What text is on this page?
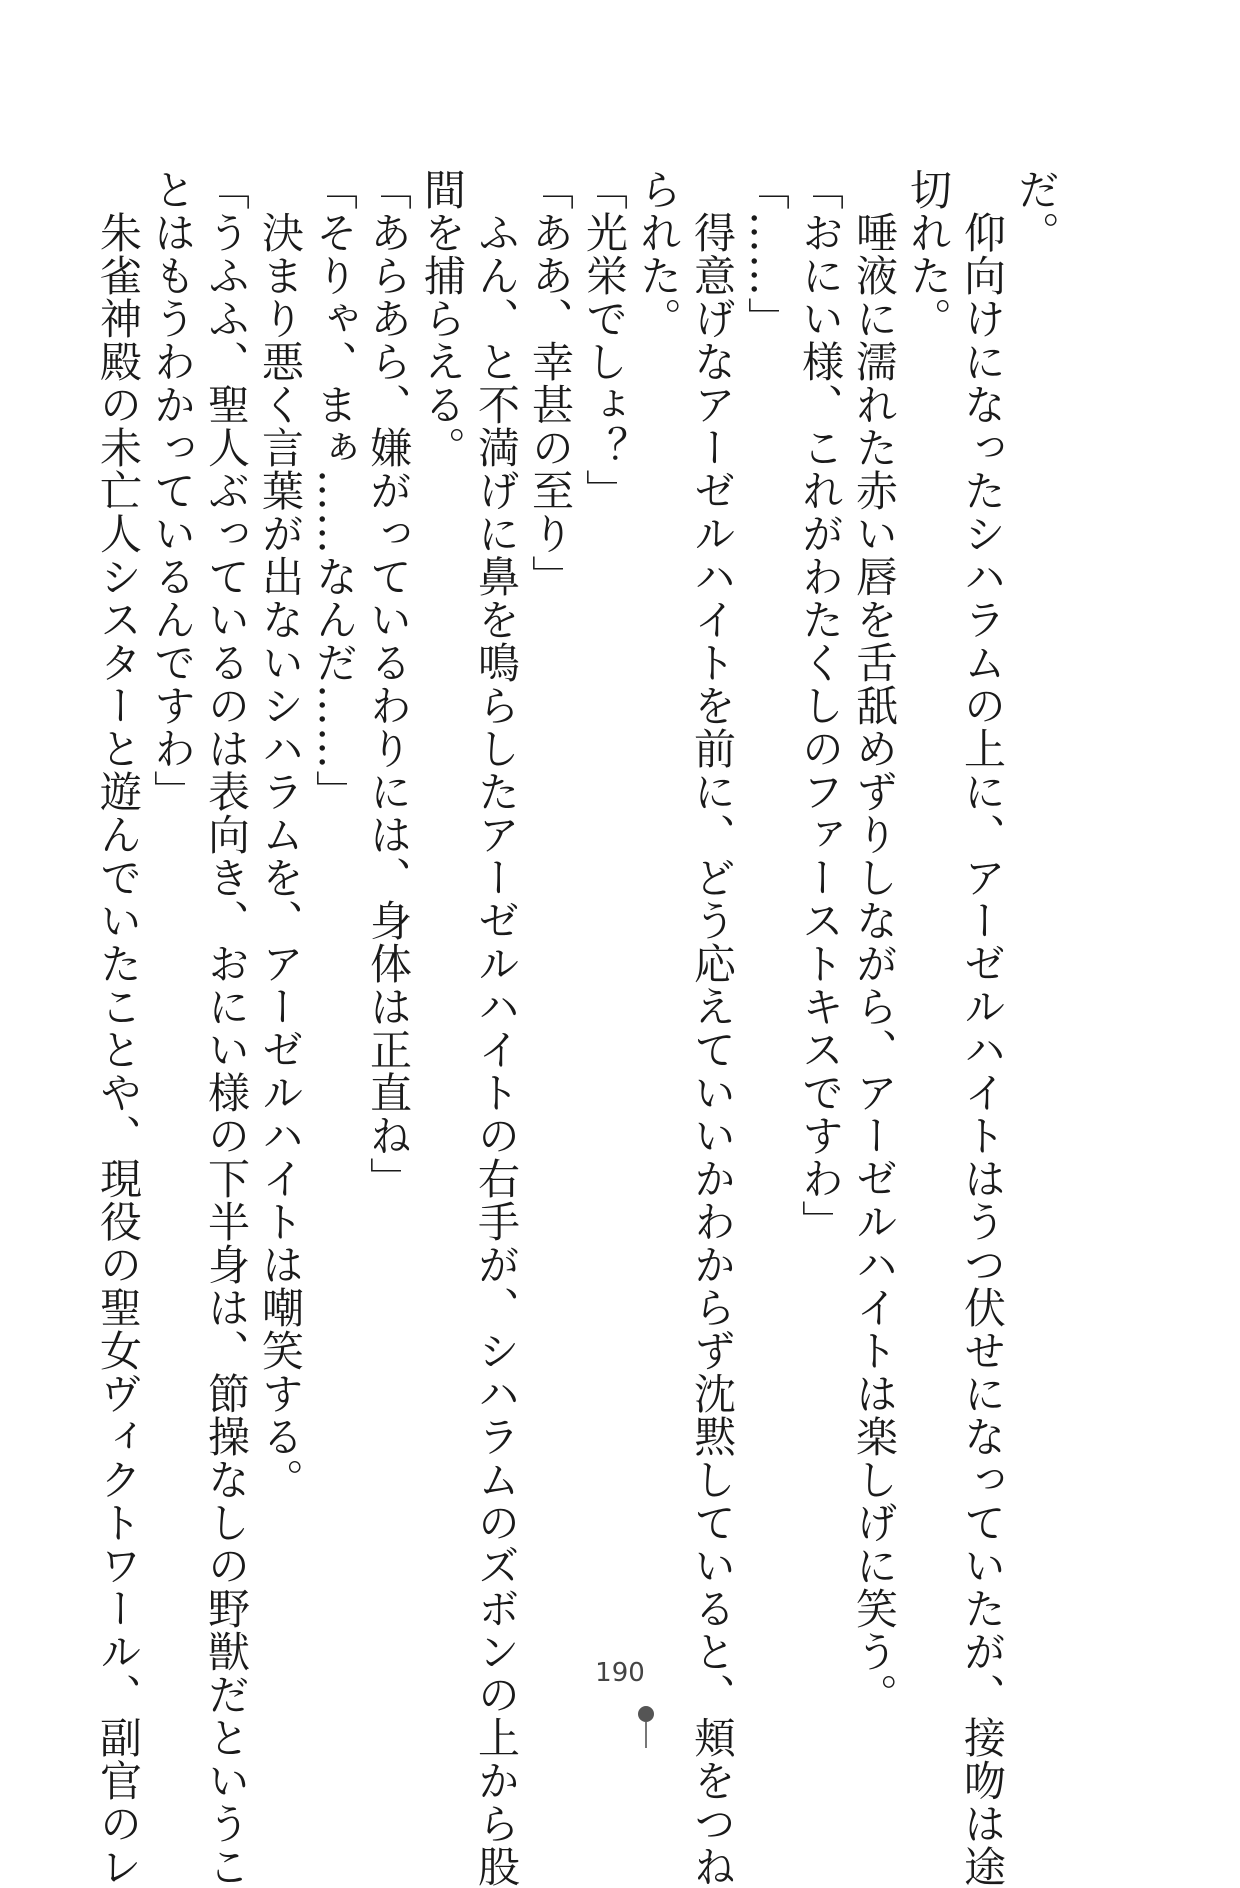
だ。
　仰向けになったシハラムの上に、アーゼルハイトはうつ伏せになっていたが、接吻は途
切れた。
　唾液に濡れた赤い唇を舌舐めずりしながら、アーゼルハイトは楽しげに笑う。
「おにい様、これがわたくしのファーストキスですわ」
「……」
　得意げなアーゼルハイトを前に、どう応えていいかわからず沈黙していると、頬をつね
られた。
「光栄でしょ？」
「ああ、幸甚の至り」
　ふん、と不満げに鼻を鳴らしたアーゼルハイトの右手が、シハラムのズボンの上から股
間を捕らえる。
「あらあら、嫌がっているわりには、身体は正直ね」
「そりゃ、まぁ……なんだ……」
　決まり悪く言葉が出ないシハラムを、アーゼルハイトは嘲笑する。
「うふふ、聖人ぶっているのは表向き、おにい様の下半身は、節操なしの野獣だというこ
とはもうわかっているんですわ」
　朱雀神殿の未亡人シスターと遊んでいたことや、現役の聖女ヴィクトワール、副官のレ	190
